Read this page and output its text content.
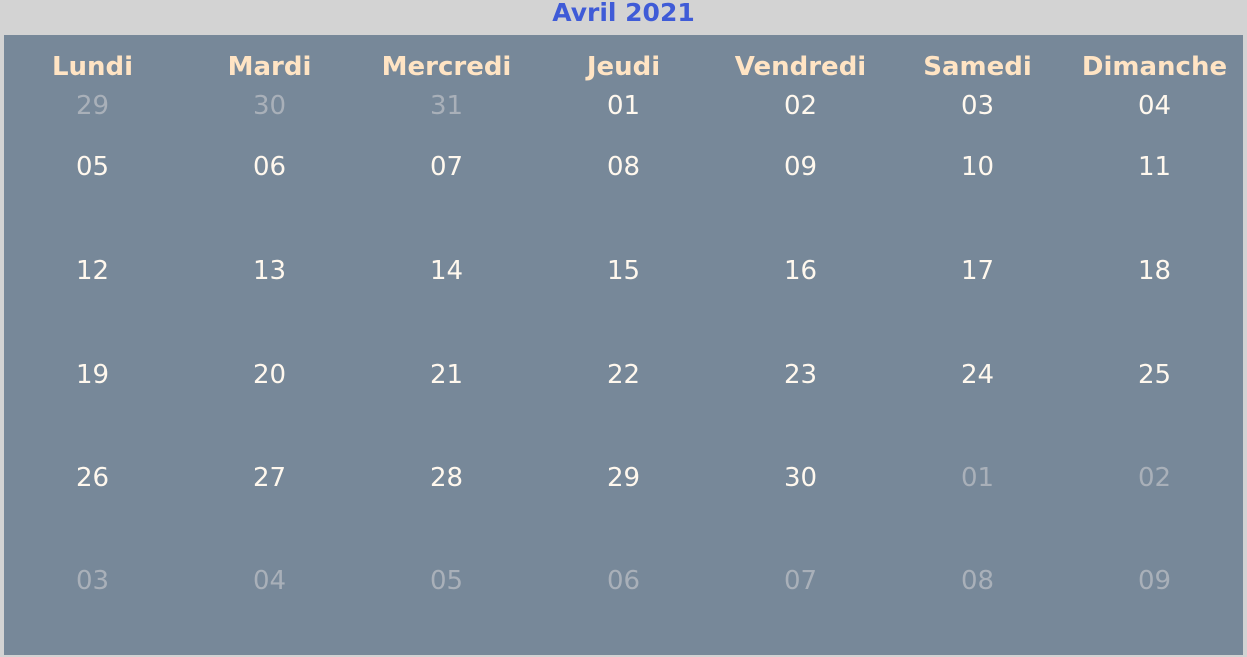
Avril 2021
Lundi	Mardi	Mercredi	Jeudi	Vendredi	Samedi	Dimanche
29	30	31	01	02	03	04
05	06	07	08	09	10	11
12	13	14	15	16	17	18
19	20	21	22	23	24	25
26	27	28	29	30	01	02
03	04	05	06	07	08	09
